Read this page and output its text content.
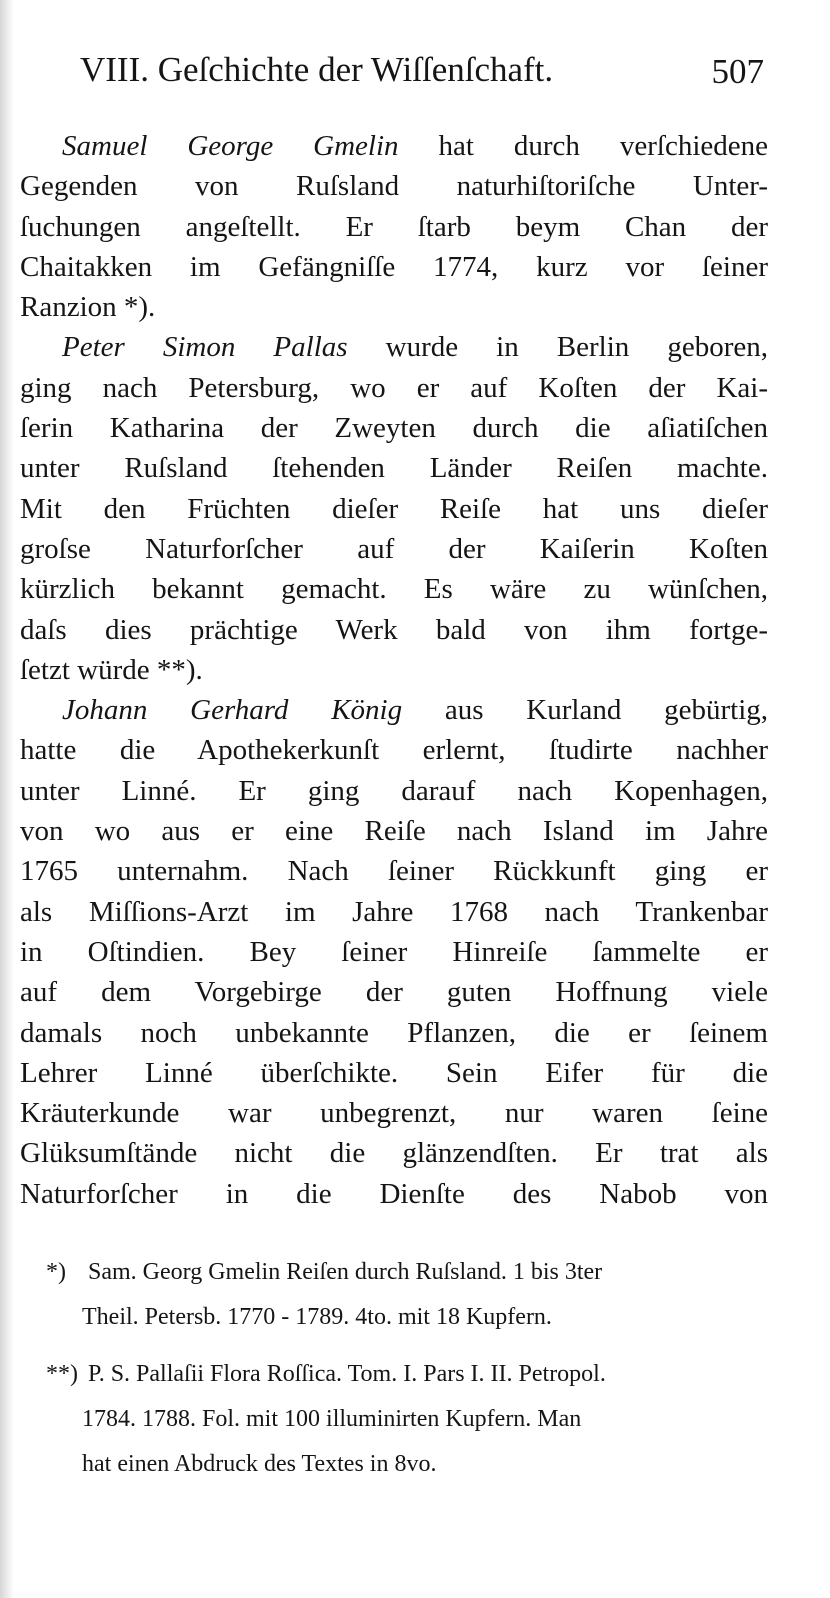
VIII. Geſchichte der Wiſſenſchaft.	507
Samuel George Gmelin hat durch verſchiedene
Gegenden von Ruſsland naturhiſtoriſche Unter-
ſuchungen angeſtellt. Er ſtarb beym Chan der
Chaitakken im Gefängniſſe 1774, kurz vor ſeiner
Ranzion *).
Peter Simon Pallas wurde in Berlin geboren,
ging nach Petersburg, wo er auf Koſten der Kai-
ſerin Katharina der Zweyten durch die aſiatiſchen
unter Ruſsland ſtehenden Länder Reiſen machte.
Mit den Früchten dieſer Reiſe hat uns dieſer
groſse Naturforſcher auf der Kaiſerin Koſten
kürzlich bekannt gemacht. Es wäre zu wünſchen,
daſs dies prächtige Werk bald von ihm fortge-
ſetzt würde **).
Johann Gerhard König aus Kurland gebürtig,
hatte die Apothekerkunſt erlernt, ſtudirte nachher
unter Linné. Er ging darauf nach Kopenhagen,
von wo aus er eine Reiſe nach Island im Jahre
1765 unternahm. Nach ſeiner Rückkunft ging er
als Miſſions-Arzt im Jahre 1768 nach Trankenbar
in Oſtindien. Bey ſeiner Hinreiſe ſammelte er
auf dem Vorgebirge der guten Hoffnung viele
damals noch unbekannte Pflanzen, die er ſeinem
Lehrer Linné überſchikte. Sein Eifer für die
Kräuterkunde war unbegrenzt, nur waren ſeine
Glüksumſtände nicht die glänzendſten. Er trat als
Naturforſcher in die Dienſte des Nabob von
*) Sam. Georg Gmelin Reiſen durch Ruſsland. 1 bis 3ter
Theil. Petersb. 1770 - 1789. 4to. mit 18 Kupfern.
**) P. S. Pallaſii Flora Roſſica. Tom. I. Pars I. II. Petropol.
1784. 1788. Fol. mit 100 illuminirten Kupfern. Man
hat einen Abdruck des Textes in 8vo.
